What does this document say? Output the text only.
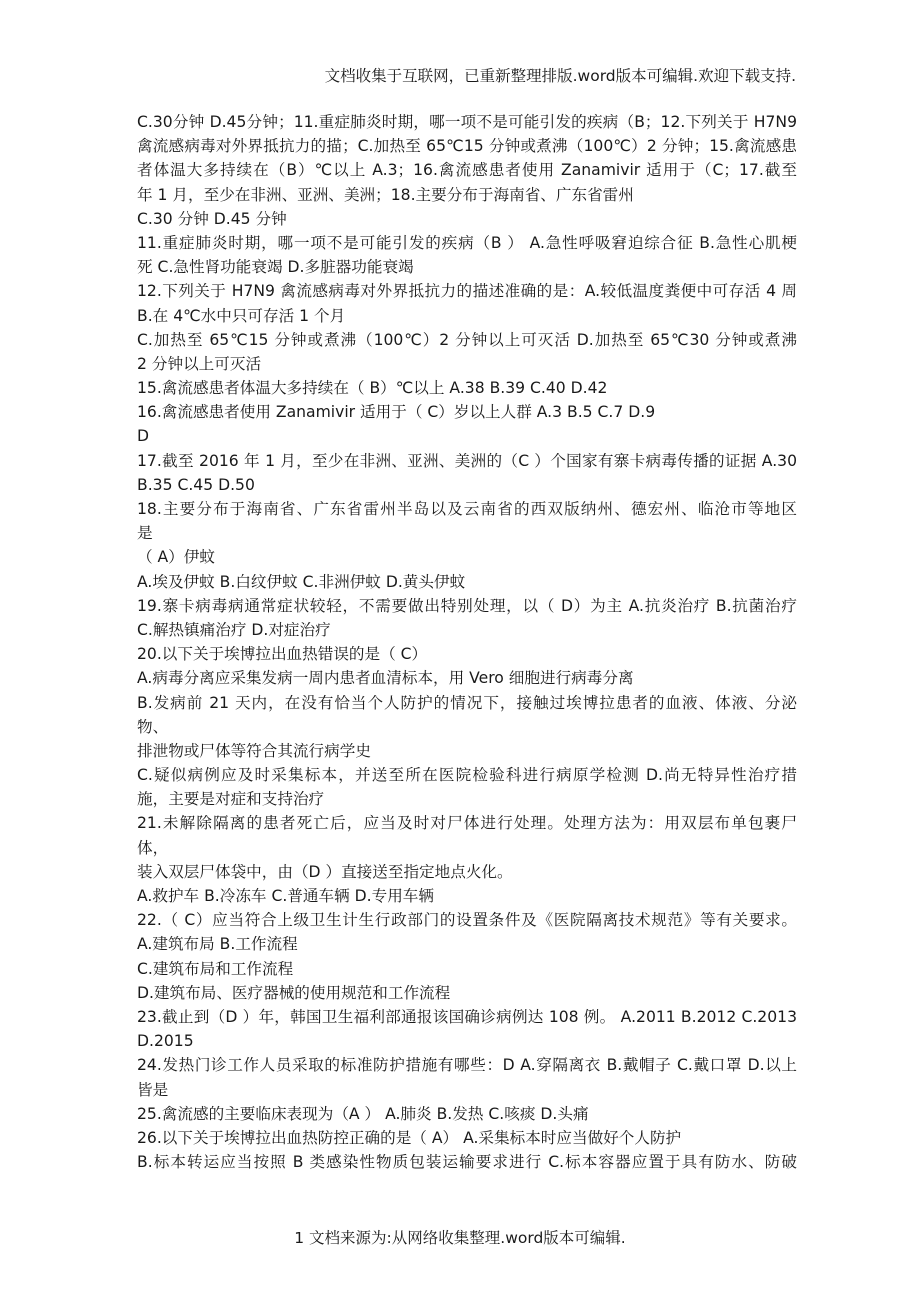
文档收集于互联网，已重新整理排版.word版本可编辑.欢迎下载支持.
C.30分钟 D.45分钟；11.重症肺炎时期，哪一项不是可能引发的疾病（B；12.下列关于 H7N9
禽流感病毒对外界抵抗力的描；C.加热至 65℃15 分钟或煮沸（100℃）2 分钟；15.禽流感患
者体温大多持续在（B）℃以上 A.3；16.禽流感患者使用 Zanamivir 适用于（C；17.截至
年 1 月，至少在非洲、亚洲、美洲；18.主要分布于海南省、广东省雷州
C.30 分钟 D.45 分钟
11.重症肺炎时期，哪一项不是可能引发的疾病（B ） A.急性呼吸窘迫综合征 B.急性心肌梗
死 C.急性肾功能衰竭 D.多脏器功能衰竭
12.下列关于 H7N9 禽流感病毒对外界抵抗力的描述准确的是：A.较低温度粪便中可存活 4 周
B.在 4℃水中只可存活 1 个月
C.加热至 65℃15 分钟或煮沸（100℃）2 分钟以上可灭活 D.加热至 65℃30 分钟或煮沸
2 分钟以上可灭活
15.禽流感患者体温大多持续在（ B）℃以上 A.38 B.39 C.40 D.42
16.禽流感患者使用 Zanamivir 适用于（ C）岁以上人群 A.3 B.5 C.7 D.9
D
17.截至 2016 年 1 月，至少在非洲、亚洲、美洲的（C ）个国家有寨卡病毒传播的证据 A.30
B.35 C.45 D.50
18.主要分布于海南省、广东省雷州半岛以及云南省的西双版纳州、德宏州、临沧市等地区
是
（ A）伊蚊
A.埃及伊蚊 B.白纹伊蚊 C.非洲伊蚊 D.黄头伊蚊
19.寨卡病毒病通常症状较轻，不需要做出特别处理，以（ D）为主 A.抗炎治疗 B.抗菌治疗
C.解热镇痛治疗 D.对症治疗
20.以下关于埃博拉出血热错误的是（ C）
A.病毒分离应采集发病一周内患者血清标本，用 Vero 细胞进行病毒分离
B.发病前 21 天内，在没有恰当个人防护的情况下，接触过埃博拉患者的血液、体液、分泌
物、
排泄物或尸体等符合其流行病学史
C.疑似病例应及时采集标本，并送至所在医院检验科进行病原学检测 D.尚无特异性治疗措
施，主要是对症和支持治疗
21.未解除隔离的患者死亡后，应当及时对尸体进行处理。处理方法为：用双层布单包裹尸
体，
装入双层尸体袋中，由（D ）直接送至指定地点火化。
A.救护车 B.冷冻车 C.普通车辆 D.专用车辆
22.（ C）应当符合上级卫生计生行政部门的设置条件及《医院隔离技术规范》等有关要求。
A.建筑布局 B.工作流程
C.建筑布局和工作流程
D.建筑布局、医疗器械的使用规范和工作流程
23.截止到（D ）年，韩国卫生福利部通报该国确诊病例达 108 例。 A.2011 B.2012 C.2013
D.2015
24.发热门诊工作人员采取的标准防护措施有哪些：D A.穿隔离衣 B.戴帽子 C.戴口罩 D.以上
皆是
25.禽流感的主要临床表现为（A ） A.肺炎 B.发热 C.咳痰 D.头痛
26.以下关于埃博拉出血热防控正确的是（ A） A.采集标本时应当做好个人防护
B.标本转运应当按照 B 类感染性物质包装运输要求进行 C.标本容器应置于具有防水、防破
1 文档来源为:从网络收集整理.word版本可编辑.
